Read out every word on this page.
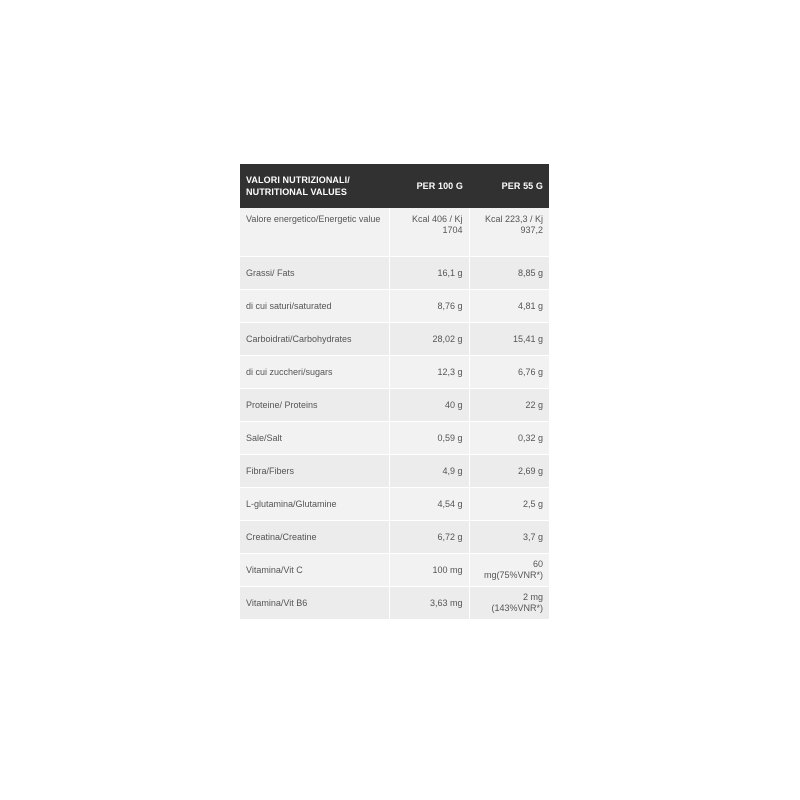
VALORI NUTRIZIONALI/ NUTRITIONAL VALUES	PER 100 G	PER 55 G
Valore energetico/Energetic value	Kcal 406 / Kj 1704	Kcal 223,3 / Kj 937,2
Grassi/ Fats	16,1 g	8,85 g
di cui saturi/saturated	8,76 g	4,81 g
Carboidrati/Carbohydrates	28,02 g	15,41 g
di cui zuccheri/sugars	12,3 g	6,76 g
Proteine/ Proteins	40 g	22 g
Sale/Salt	0,59 g	0,32 g
Fibra/Fibers	4,9 g	2,69 g
L-glutamina/Glutamine	4,54 g	2,5 g
Creatina/Creatine	6,72 g	3,7 g
Vitamina/Vit C	100 mg	60 mg(75%VNR*)
Vitamina/Vit B6	3,63 mg	2 mg (143%VNR*)
